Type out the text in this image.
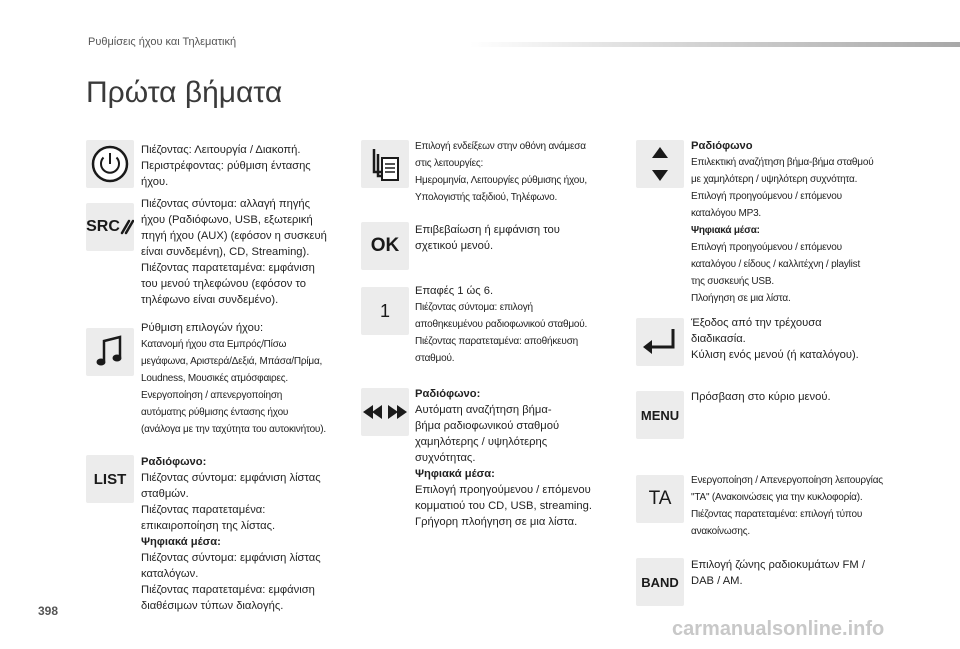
Ρυθμίσεις ήχου και Τηλεματική
Πρώτα βήματα
Πιέζοντας: Λειτουργία / Διακοπή.
Περιστρέφοντας: ρύθμιση έντασης
ήχου.
SRC
Πιέζοντας σύντομα: αλλαγή πηγής
ήχου (Ραδιόφωνο, USB, εξωτερική
πηγή ήχου (AUX) (εφόσον η συσκευή
είναι συνδεμένη), CD, Streaming).
Πιέζοντας παρατεταμένα: εμφάνιση
του μενού τηλεφώνου (εφόσον το
τηλέφωνο είναι συνδεμένο).
Ρύθμιση επιλογών ήχου:
Κατανομή ήχου στα Εμπρός/Πίσω
μεγάφωνα, Αριστερά/Δεξιά, Μπάσα/Πρίμα,
Loudness, Μουσικές ατμόσφαιρες.
Ενεργοποίηση / απενεργοποίηση
αυτόματης ρύθμισης έντασης ήχου
(ανάλογα με την ταχύτητα του αυτοκινήτου).
LIST
Ραδιόφωνο:
Πιέζοντας σύντομα: εμφάνιση λίστας
σταθμών.
Πιέζοντας παρατεταμένα:
επικαιροποίηση της λίστας.
Ψηφιακά μέσα:
Πιέζοντας σύντομα: εμφάνιση λίστας
καταλόγων.
Πιέζοντας παρατεταμένα: εμφάνιση
διαθέσιμων τύπων διαλογής.
Επιλογή ενδείξεων στην οθόνη ανάμεσα
στις λειτουργίες:
Ημερομηνία, Λειτουργίες ρύθμισης ήχου,
Υπολογιστής ταξιδιού, Τηλέφωνο.
OK
Επιβεβαίωση ή εμφάνιση του
σχετικού μενού.
1
Επαφές 1 ώς 6.
Πιέζοντας σύντομα: επιλογή
αποθηκευμένου ραδιοφωνικού σταθμού.
Πιέζοντας παρατεταμένα: αποθήκευση
σταθμού.
Ραδιόφωνο:
Αυτόματη αναζήτηση βήμα-
βήμα ραδιοφωνικού σταθμού
χαμηλότερης / υψηλότερης
συχνότητας.
Ψηφιακά μέσα:
Επιλογή προηγούμενου / επόμενου
κομματιού του CD, USB, streaming.
Γρήγορη πλοήγηση σε μια λίστα.
Ραδιόφωνο
Επιλεκτική αναζήτηση βήμα-βήμα σταθμού
με χαμηλότερη / υψηλότερη συχνότητα.
Επιλογή προηγούμενου / επόμενου
καταλόγου MP3.
Ψηφιακά μέσα:
Επιλογή προηγούμενου / επόμενου
καταλόγου / είδους / καλλιτέχνη / playlist
της συσκευής USB.
Πλοήγηση σε μια λίστα.
Έξοδος από την τρέχουσα
διαδικασία.
Κύλιση ενός μενού (ή καταλόγου).
MENU
Πρόσβαση στο κύριο μενού.
TA
Ενεργοποίηση / Απενεργοποίηση λειτουργίας
"TA" (Ανακοινώσεις για την κυκλοφορία).
Πιέζοντας παρατεταμένα: επιλογή τύπου
ανακοίνωσης.
BAND
Επιλογή ζώνης ραδιοκυμάτων FM /
DAB / AM.
398
carmanualsonline.info
